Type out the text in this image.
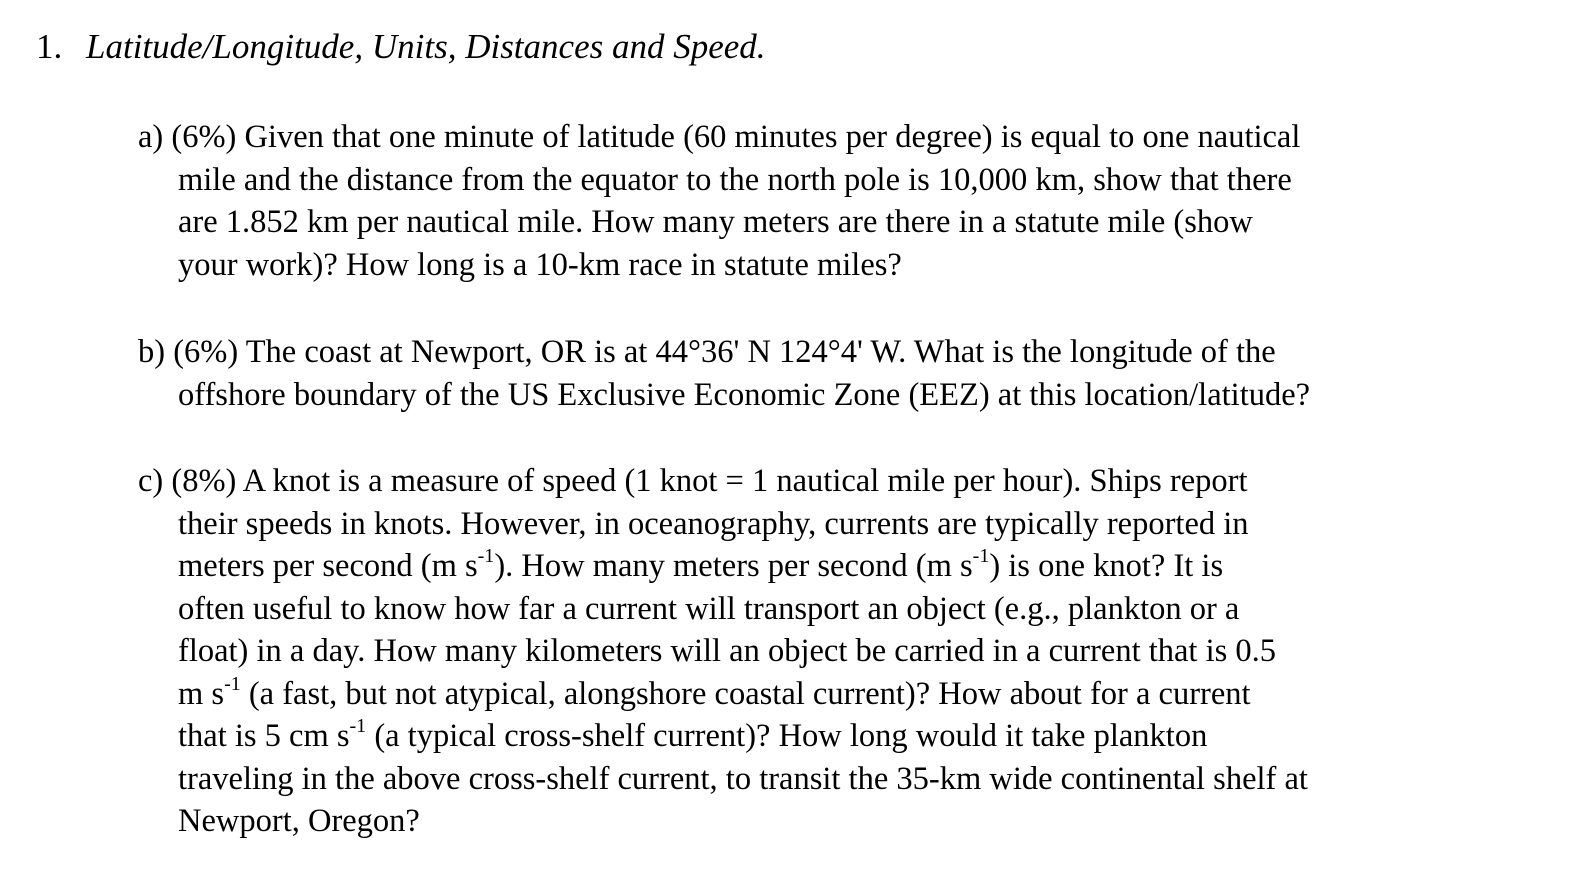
1. Latitude/Longitude, Units, Distances and Speed.
a) (6%) Given that one minute of latitude (60 minutes per degree) is equal to one nautical
mile and the distance from the equator to the north pole is 10,000 km, show that there
are 1.852 km per nautical mile. How many meters are there in a statute mile (show
your work)? How long is a 10-km race in statute miles?
b) (6%) The coast at Newport, OR is at 44°36' N 124°4' W. What is the longitude of the
offshore boundary of the US Exclusive Economic Zone (EEZ) at this location/latitude?
c) (8%) A knot is a measure of speed (1 knot = 1 nautical mile per hour). Ships report
their speeds in knots. However, in oceanography, currents are typically reported in
meters per second (m $s^{-1}$). How many meters per second (m $s^{-1}$) is one knot? It is
often useful to know how far a current will transport an object (e.g., plankton or a
float) in a day. How many kilometers will an object be carried in a current that is 0.5
m $s^{-1}$ (a fast, but not atypical, alongshore coastal current)? How about for a current
that is 5 cm $s^{-1}$ (a typical cross-shelf current)? How long would it take plankton
traveling in the above cross-shelf current, to transit the 35-km wide continental shelf at
Newport, Oregon?
